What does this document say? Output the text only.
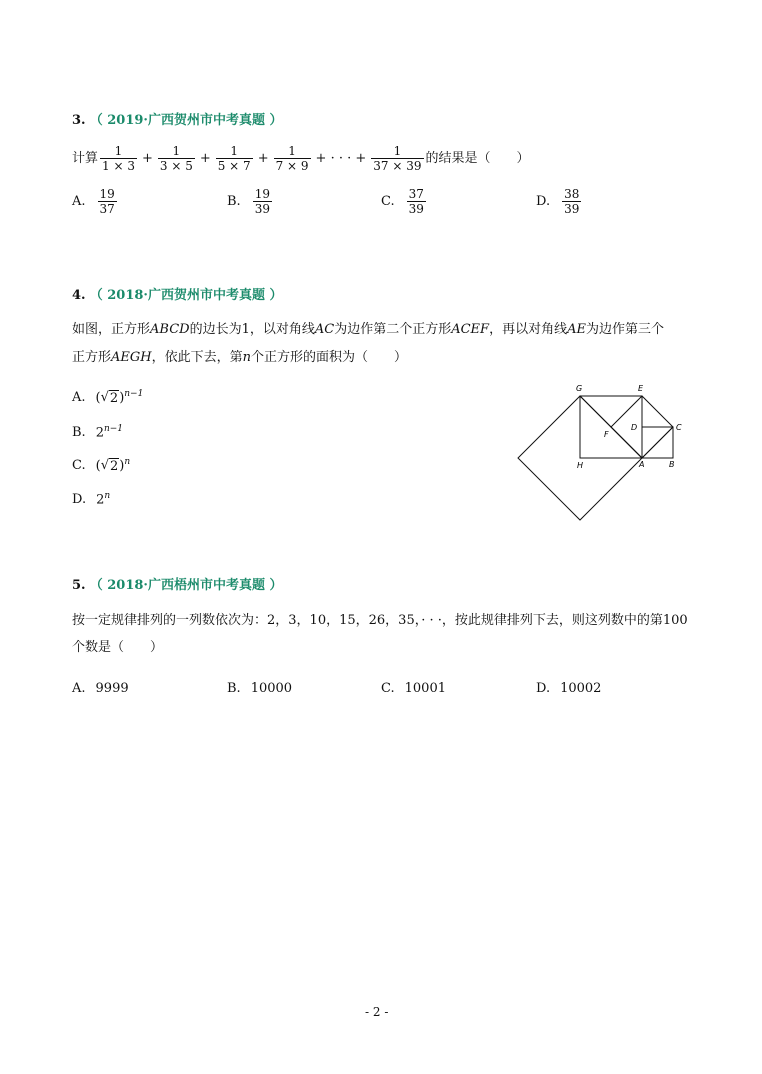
3. （ 2019·广西贺州市中考真题 ）
计算 $\frac{1}{1 \times 3} + \frac{1}{3 \times 5} + \frac{1}{5 \times 7} + \frac{1}{7 \times 9}$ + · · · + $\frac{1}{37 \times 39}$ 的结果是（　　）
A. $\frac{19}{37}$	B. $\frac{19}{39}$	C. $\frac{37}{39}$	D. $\frac{38}{39}$
4. （ 2018·广西贺州市中考真题 ）
如图，正方形ABCD的边长为1，以对角线AC为边作第二个正方形ACEF，再以对角线AE为边作第三个
正方形AEGH，依此下去，第n个正方形的面积为（　　）
A. (√ 2 )$^{n-1}$
B. $2^{n-1}$
C. (√ 2 )$^n$
D. 2$^n$
G	E
C
D
F
H	A	B
5. （ 2018·广西梧州市中考真题 ）
按一定规律排列的一列数依次为：2，3，10，15，26，35，· · ·，按此规律排列下去，则这列数中的第100
个数是（　　）
A. 9999	B. 10000	C. 10001	D. 10002
- 2 -
